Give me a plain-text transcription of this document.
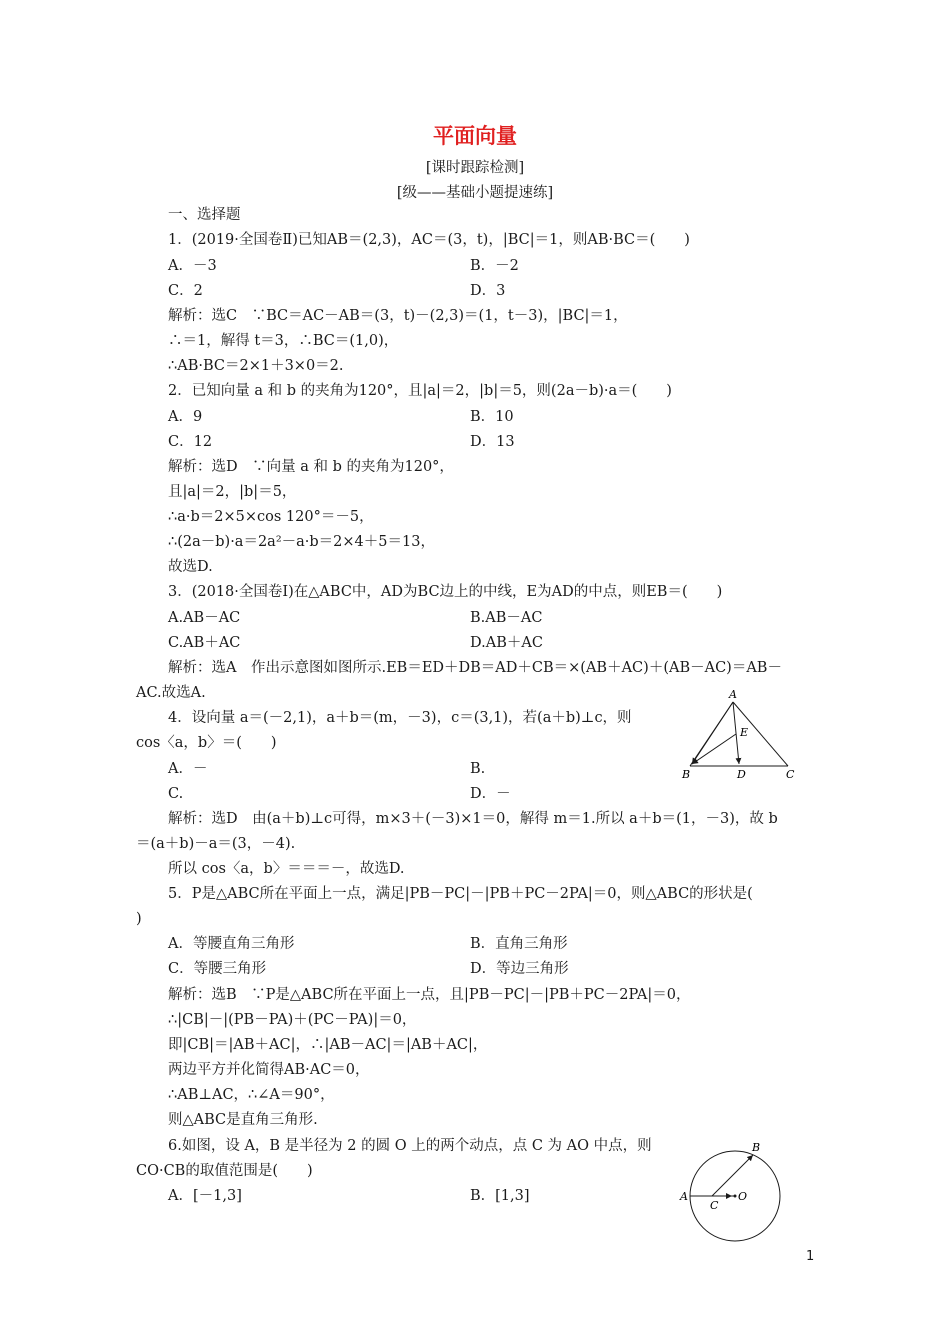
平面向量
[课时跟踪检测]
[级——基础小题提速练]
一、选择题
1．(2019·全国卷Ⅱ)已知AB＝(2,3)，AC＝(3，t)，|BC|＝1，则AB·BC＝(　　)
A．－3	B．－2
C．2	D．3
解析：选C　∵BC＝AC－AB＝(3，t)－(2,3)＝(1，t－3)，|BC|＝1，
∴＝1，解得 t＝3，∴BC＝(1,0)，
∴AB·BC＝2×1＋3×0＝2.
2．已知向量 a 和 b 的夹角为120°，且|a|＝2，|b|＝5，则(2a－b)·a＝(　　)
A．9	B．10
C．12	D．13
解析：选D　∵向量 a 和 b 的夹角为120°，
且|a|＝2，|b|＝5，
∴a·b＝2×5×cos 120°＝－5，
∴(2a－b)·a＝2a²－a·b＝2×4＋5＝13，
故选D.
3．(2018·全国卷Ⅰ)在△ABC中，AD为BC边上的中线，E为AD的中点，则EB＝(　　)
A.AB－AC	B.AB－AC
C.AB＋AC	D.AB＋AC
解析：选A　作出示意图如图所示.EB＝ED＋DB＝AD＋CB＝×(AB＋AC)＋(AB－AC)＝AB－
AC.故选A.
4．设向量 a＝(－2,1)，a＋b＝(m，－3)，c＝(3,1)，若(a＋b)⊥c，则
cos〈a，b〉＝(　　)
A．－	B.
C.	D．－
解析：选D　由(a＋b)⊥c可得，m×3＋(－3)×1＝0，解得 m＝1.所以 a＋b＝(1，－3)，故 b
＝(a＋b)－a＝(3，－4).
所以 cos〈a，b〉＝＝＝－，故选D.
5．P是△ABC所在平面上一点，满足|PB－PC|－|PB＋PC－2PA|＝0，则△ABC的形状是(
)
A．等腰直角三角形	B．直角三角形
C．等腰三角形	D．等边三角形
解析：选B　∵P是△ABC所在平面上一点，且|PB－PC|－|PB＋PC－2PA|＝0，
∴|CB|－|(PB－PA)＋(PC－PA)|＝0，
即|CB|＝|AB＋AC|，∴|AB－AC|＝|AB＋AC|，
两边平方并化简得AB·AC＝0，
∴AB⊥AC，∴∠A＝90°，
则△ABC是直角三角形.
6.如图，设 A，B 是半径为 2 的圆 O 上的两个动点，点 C 为 AO 中点，则
CO·CB的取值范围是(　　)
A．[－1,3]	B．[1,3]
A
E
B	D	C
A
C
O
B
1
